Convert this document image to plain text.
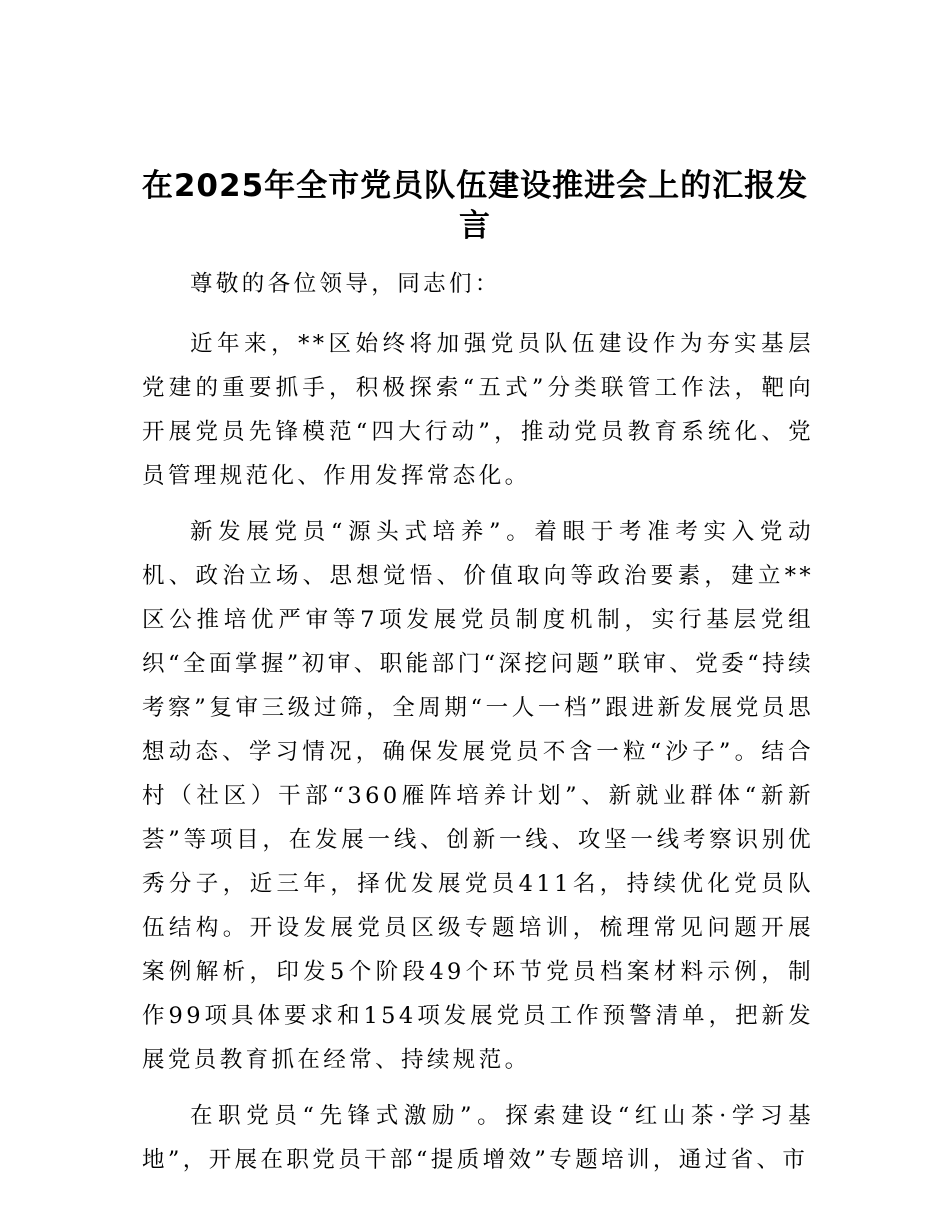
在2025年全市党员队伍建设推进会上的汇报发言

尊敬的各位领导，同志们：

近年来，**区始终将加强党员队伍建设作为夯实基层党建的重要抓手，积极探索“五式”分类联管工作法，靶向开展党员先锋模范“四大行动”，推动党员教育系统化、党员管理规范化、作用发挥常态化。

新发展党员“源头式培养”。着眼于考准考实入党动机、政治立场、思想觉悟、价值取向等政治要素，建立**区公推培优严审等7项发展党员制度机制，实行基层党组织“全面掌握”初审、职能部门“深挖问题”联审、党委“持续考察”复审三级过筛，全周期“一人一档”跟进新发展党员思想动态、学习情况，确保发展党员不含一粒“沙子”。结合村（社区）干部“360雁阵培养计划”、新就业群体“新新荟”等项目，在发展一线、创新一线、攻坚一线考察识别优秀分子，近三年，择优发展党员411名，持续优化党员队伍结构。开设发展党员区级专题培训，梳理常见问题开展案例解析，印发5个阶段49个环节党员档案材料示例，制作99项具体要求和154项发展党员工作预警清单，把新发展党员教育抓在经常、持续规范。

在职党员“先锋式激励”。探索建设“红山茶·学习基地”，开展在职党员干部“提质增效”专题培训，通过省、市
